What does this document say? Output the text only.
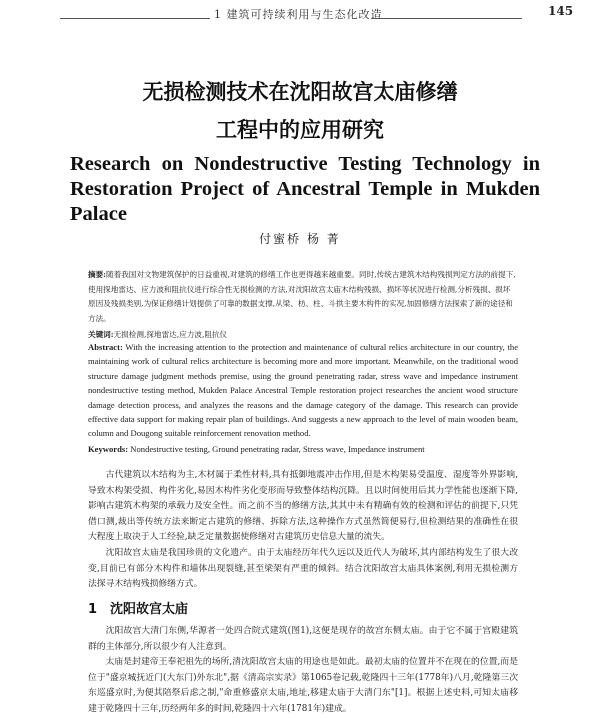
1 建筑可持续利用与生态化改造	145
无损检测技术在沈阳故宫太庙修缮
工程中的应用研究
Research on Nondestructive Testing Technology in Restoration Project of Ancestral Temple in Mukden Palace
付蜜桥 杨 菁
摘要:随着我国对文物建筑保护的日益重视,对建筑的修缮工作也更得越来越重要。同时,传统古建筑木结构残损判定方法的前提下,使用探地雷达、应力波和阻抗仪进行综合性无损检测的方法,对沈阳故宫太庙木结构残损、损坏等状况进行检测,分析残损、损坏原因及残损类别,为保证修缮计划提供了可靠的数据支撑,从梁、枋、柱、斗拱主要木构件的实况,加固修缮方法探索了新的途径和方法。
关键词:无损检测,探地雷达,应力波,阻抗仪
Abstract: With the increasing attention to the protection and maintenance of cultural relics architecture in our country, the maintaining work of cultural relics architecture is becoming more and more important. Meanwhile, on the traditional wood structure damage judgment methods premise, using the ground penetrating radar, stress wave and impedance instrument nondestructive testing method, Mukden Palace Ancestral Temple restoration project researches the ancient wood structure damage detection process, and analyzes the reasons and the damage category of the damage. This research can provide effective data support for making repair plan of buildings. And suggests a new approach to the level of main wooden beam, column and Dougong suitable reinforcement renovation method.
Keywords: Nondestructive testing, Ground penetrating radar, Stress wave, Impedance instrument

古代建筑以木结构为主,木材属于柔性材料,具有抵御地震冲击作用,但是木构架易受温度、湿度等外界影响,导致木构架受损、构件劣化,易因木构件劣化变形而导致整体结构沉降。且以时间使用后其力学性能也逐渐下降,影响古建筑木构架的承载力及安全性。而之前不当的修缮方法,其其中未有精确有效的检测和评估的前提下,只凭借口测,裁出等传统方法来断定古建筑的修缮、拆除方法,这种操作方式虽然简便易行,但检测结果的准确性在很大程度上取决于人工经验,缺乏定量数据使修缮对古建筑历史信息大量的流失。

沈阳故宫太庙是我国珍贵的文化遗产。由于太庙经历年代久远以及近代人为破坏,其内部结构发生了很大改变,目前已有部分木构件和墙体出现裂缝,甚至梁架有严重的倾斜。结合沈阳故宫太庙具体案例,利用无损检测方法探寻木结构残损修缮方式。

1 沈阳故宫太庙

沈阳故宫大清门东侧,华源者一处四合院式建筑(图1),这便是现存的故宫东侧太庙。由于它不属于宫殿建筑群的主体部分,所以很少有人注意到。

太庙是封建帝王奉祀祖先的场所,清沈阳故宫太庙的用途也是如此。最初太庙的位置并不在现在的位置,而是位于"盛京城抚近门(大东门)外东北",据《清高宗实录》第1065卷记载,乾隆四十三年(1778年)八月,乾隆第三次东巡盛京时,为便其陪祭后虑之制,"命重修盛京太庙,地址,移建太庙于大清门东"[1]。根据上述史料,可知太庙移建于乾隆四十三年,历经两年多的时间,乾隆四十六年(1781年)建成。
